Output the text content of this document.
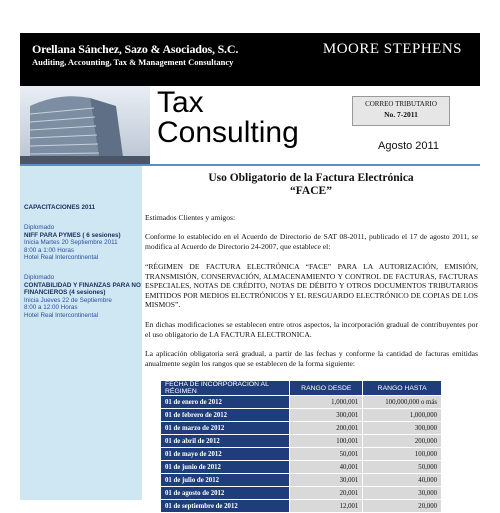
Orellana Sánchez, Sazo & Asociados, S.C.
Auditing, Accounting, Tax & Management Consultancy
MOORE STEPHENS
Tax
Consulting
CORREO TRIBUTARIO
No. 7-2011
Agosto 2011
CAPACITACIONES 2011
Diplomado
NIFF PARA PYMES ( 6 sesiones)
Inicia Martes 20 Septiembre 2011
8:00 a 1:00 Horas
Hotel Real Intercontinental
Diplomado
CONTABILIDAD Y FINANZAS PARA NO FINANCIEROS (4 sesiones)
Inicia Jueves 22 de Septiembre
8:00 a 12:00 Horas
Hotel Real Intercontinental
Uso Obligatorio de la Factura Electrónica
“FACE”
Estimados Clientes y amigos:
Conforme lo establecido en el Acuerdo de Directorio de SAT 08-2011, publicado el 17 de agosto 2011, se modifica al Acuerdo de Directorio 24-2007, que establece el:
“RÉGIMEN DE FACTURA ELECTRÓNICA “FACE” PARA LA AUTORIZACIÓN, EMISIÓN, TRANSMISIÓN, CONSERVACIÓN, ALMACENAMIENTO Y CONTROL DE FACTURAS, FACTURAS ESPECIALES, NOTAS DE CRÉDITO, NOTAS DE DÉBITO Y OTROS DOCUMENTOS TRIBUTARIOS EMITIDOS POR MEDIOS ELECTRÓNICOS Y EL RESGUARDO ELECTRÓNICO DE COPIAS DE LOS MISMOS”.
En dichas modificaciones se establecen entre otros aspectos, la incorporación gradual de contribuyentes por el uso obligatorio de LA FACTURA ELECTRONICA.
La aplicación obligatoria será gradual, a partir de las fechas y conforme la cantidad de facturas emitidas anualmente según los rangos que se establecen de la forma siguiente:
FECHA DE INCORPORACIÓN AL RÉGIMEN	RANGO DESDE	RANGO HASTA
01 de enero de 2012	1,000,001	100,000,000 o más
01 de febrero de 2012	300,001	1,000,000
01 de marzo de 2012	200,001	300,000
01 de abril de 2012	100,001	200,000
01 de mayo de 2012	50,001	100,000
01 de junio de 2012	40,001	50,000
01 de julio de 2012	30,001	40,000
01 de agosto de 2012	20,001	30,000
01 de septiembre de 2012	12,001	20,000
